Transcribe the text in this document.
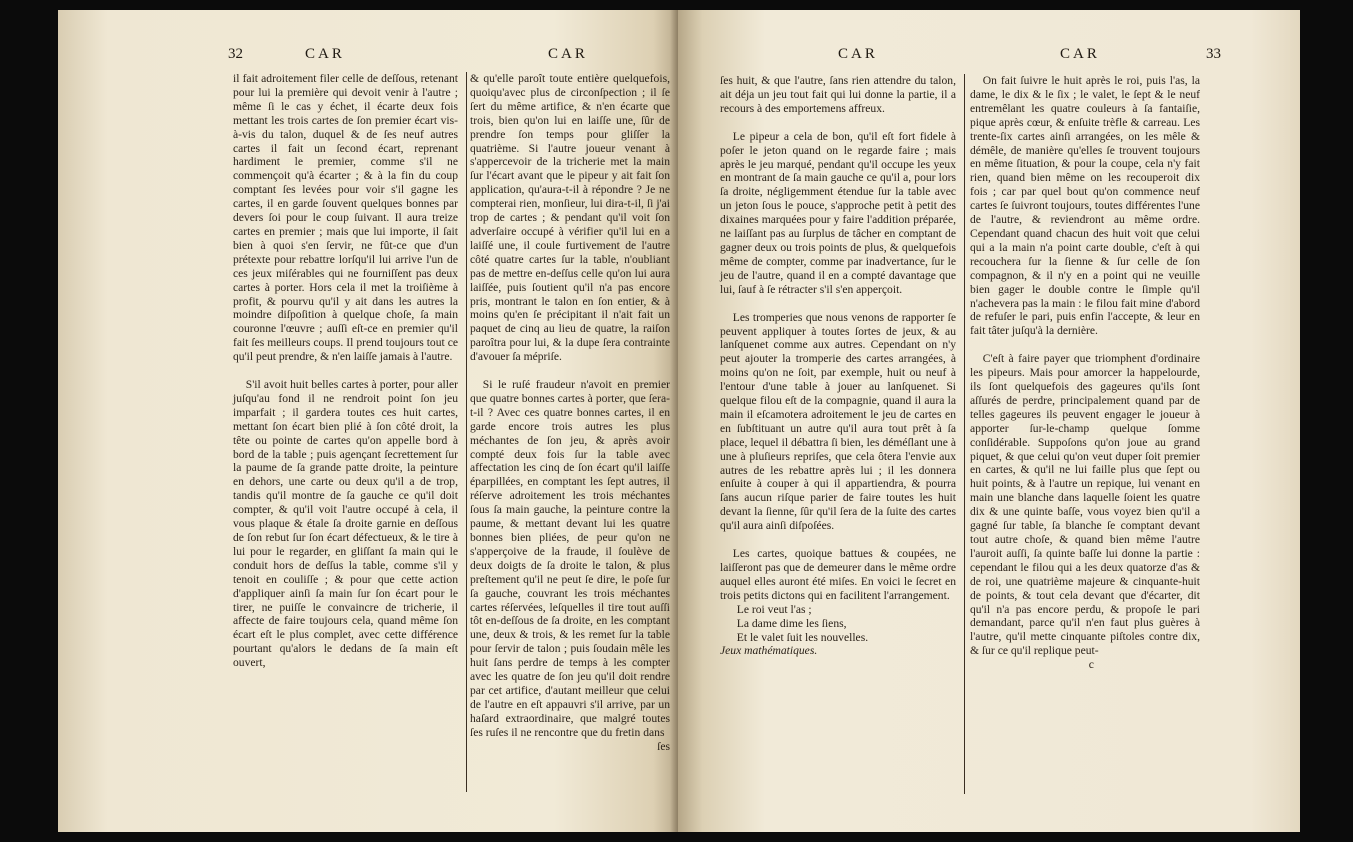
32	CAR	CAR

il fait adroitement filer celle de deſſous, retenant pour lui la première qui devoit venir à l'autre ; même ſi le cas y échet, il écarte deux fois mettant les trois cartes de ſon premier écart vis-à-vis du talon, duquel & de ſes neuf autres cartes il fait un ſecond écart, reprenant hardiment le premier, comme s'il ne commençoit qu'à écarter ; & à la fin du coup comptant ſes levées pour voir s'il gagne les cartes, il en garde ſouvent quelques bonnes par devers ſoi pour le coup ſuivant. Il aura treize cartes en premier ; mais que lui importe, il ſait bien à quoi s'en ſervir, ne fût-ce que d'un prétexte pour rebattre lorſqu'il lui arrive l'un de ces jeux miſérables qui ne fourniſſent pas deux cartes à porter. Hors cela il met la troiſième à profit, & pourvu qu'il y ait dans les autres la moindre diſpoſition à quelque choſe, ſa main couronne l'œuvre ; auſſi eſt-ce en premier qu'il fait ſes meilleurs coups. Il prend toujours tout ce qu'il peut prendre, & n'en laiſſe jamais à l'autre.

S'il avoit huit belles cartes à porter, pour aller juſqu'au fond il ne rendroit point ſon jeu imparfait ; il gardera toutes ces huit cartes, mettant ſon écart bien plié à ſon côté droit, la tête ou pointe de cartes qu'on appelle bord à bord de la table ; puis agençant ſecrettement ſur la paume de ſa grande patte droite, la peinture en dehors, une carte ou deux qu'il a de trop, tandis qu'il montre de ſa gauche ce qu'il doit compter, & qu'il voit l'autre occupé à cela, il vous plaque & étale ſa droite garnie en deſſous de ſon rebut ſur ſon écart défectueux, & le tire à lui pour le regarder, en gliſſant ſa main qui le conduit hors de deſſus la table, comme s'il y tenoit en couliſſe ; & pour que cette action d'appliquer ainſi ſa main ſur ſon écart pour le tirer, ne puiſſe le convaincre de tricherie, il affecte de faire toujours cela, quand même ſon écart eſt le plus complet, avec cette différence pourtant qu'alors le dedans de ſa main eſt ouvert,

& qu'elle paroît toute entière quelquefois, quoiqu'avec plus de circonſpection ; il ſe ſert du même artifice, & n'en écarte que trois, bien qu'on lui en laiſſe une, ſûr de prendre ſon temps pour gliſſer la quatrième. Si l'autre joueur venant à s'appercevoir de la tricherie met la main ſur l'écart avant que le pipeur y ait fait ſon application, qu'aura-t-il à répondre ? Je ne compterai rien, monſieur, lui dira-t-il, ſi j'ai trop de cartes ; & pendant qu'il voit ſon adverſaire occupé à vérifier qu'il lui en a laiſſé une, il coule furtivement de l'autre côté quatre cartes ſur la table, n'oubliant pas de mettre en-deſſus celle qu'on lui aura laiſſée, puis ſoutient qu'il n'a pas encore pris, montrant le talon en ſon entier, & à moins qu'en ſe précipitant il n'ait fait un paquet de cinq au lieu de quatre, la raiſon paroîtra pour lui, & la dupe ſera contrainte d'avouer ſa mépriſe.

Si le ruſé fraudeur n'avoit en premier que quatre bonnes cartes à porter, que ſera-t-il ? Avec ces quatre bonnes cartes, il en garde encore trois autres les plus méchantes de ſon jeu, & après avoir compté deux fois ſur la table avec affectation les cinq de ſon écart qu'il laiſſe éparpillées, en comptant les ſept autres, il réſerve adroitement les trois méchantes ſous ſa main gauche, la peinture contre la paume, & mettant devant lui les quatre bonnes bien pliées, de peur qu'on ne s'apperçoive de la fraude, il ſoulève de deux doigts de ſa droite le talon, & plus preſtement qu'il ne peut ſe dire, le poſe ſur ſa gauche, couvrant les trois méchantes cartes réſervées, leſquelles il tire tout auſſi tôt en-deſſous de ſa droite, en les comptant une, deux & trois, & les remet ſur la table pour ſervir de talon ; puis ſoudain mêle les huit ſans perdre de temps à les compter avec les quatre de ſon jeu qu'il doit rendre par cet artifice, d'autant meilleur que celui de l'autre en eſt appauvri s'il arrive, par un haſard extraordinaire, que malgré toutes ſes ruſes il ne rencontre que du fretin dans

ſes

CAR	CAR	33

ſes huit, & que l'autre, ſans rien attendre du talon, ait déja un jeu tout fait qui lui donne la partie, il a recours à des emportemens affreux.

Le pipeur a cela de bon, qu'il eſt fort fidele à poſer le jeton quand on le regarde faire ; mais après le jeu marqué, pendant qu'il occupe les yeux en montrant de ſa main gauche ce qu'il a, pour lors ſa droite, négligemment étendue ſur la table avec un jeton ſous le pouce, s'approche petit à petit des dixaines marquées pour y faire l'addition préparée, ne laiſſant pas au ſurplus de tâcher en comptant de gagner deux ou trois points de plus, & quelquefois même de compter, comme par inadvertance, ſur le jeu de l'autre, quand il en a compté davantage que lui, ſauf à ſe rétracter s'il s'en apperçoit.

Les tromperies que nous venons de rapporter ſe peuvent appliquer à toutes ſortes de jeux, & au lanſquenet comme aux autres. Cependant on n'y peut ajouter la tromperie des cartes arrangées, à moins qu'on ne ſoit, par exemple, huit ou neuf à l'entour d'une table à jouer au lanſquenet. Si quelque filou eſt de la compagnie, quand il aura la main il eſcamotera adroitement le jeu de cartes en en ſubſtituant un autre qu'il aura tout prêt à ſa place, lequel il débattra ſi bien, les déméſlant une à une à pluſieurs repriſes, que cela ôtera l'envie aux autres de les rebattre après lui ; il les donnera enſuite à couper à qui il appartiendra, & pourra ſans aucun riſque parier de faire toutes les huit devant la ſienne, ſûr qu'il ſera de la ſuite des cartes qu'il aura ainſi diſpoſées.

Les cartes, quoique battues & coupées, ne laiſſeront pas que de demeurer dans le même ordre auquel elles auront été miſes. En voici le ſecret en trois petits dictons qui en facilitent l'arrangement.

Le roi veut l'as ;

La dame dime les ſiens,

Et le valet ſuit les nouvelles.

Jeux mathématiques.

On fait ſuivre le huit après le roi, puis l'as, la dame, le dix & le ſix ; le valet, le ſept & le neuf entremêlant les quatre couleurs à ſa fantaiſie, pique après cœur, & enſuite trèfle & carreau. Les trente-ſix cartes ainſi arrangées, on les mêle & démêle, de manière qu'elles ſe trouvent toujours en même ſituation, & pour la coupe, cela n'y fait rien, quand bien même on les recouperoit dix fois ; car par quel bout qu'on commence neuf cartes ſe ſuivront toujours, toutes différentes l'une de l'autre, & reviendront au même ordre. Cependant quand chacun des huit voit que celui qui a la main n'a point carte double, c'eſt à qui recouchera ſur la ſienne & ſur celle de ſon compagnon, & il n'y en a point qui ne veuille bien gager le double contre le ſimple qu'il n'achevera pas la main : le filou fait mine d'abord de refuſer le pari, puis enfin l'accepte, & leur en fait tâter juſqu'à la dernière.

C'eſt à faire payer que triomphent d'ordinaire les pipeurs. Mais pour amorcer la happelourde, ils ſont quelquefois des gageures qu'ils ſont aſſurés de perdre, principalement quand par de telles gageures ils peuvent engager le joueur à apporter ſur-le-champ quelque ſomme conſidérable. Suppoſons qu'on joue au grand piquet, & que celui qu'on veut duper ſoit premier en cartes, & qu'il ne lui faille plus que ſept ou huit points, & à l'autre un repique, lui venant en main une blanche dans laquelle ſoient les quatre dix & une quinte baſſe, vous voyez bien qu'il a gagné ſur table, ſa blanche ſe comptant devant tout autre choſe, & quand bien même l'autre l'auroit auſſi, ſa quinte baſſe lui donne la partie : cependant le filou qui a les deux quatorze d'as & de roi, une quatrième majeure & cinquante-huit de points, & tout cela devant que d'écarter, dit qu'il n'a pas encore perdu, & propoſe le pari demandant, parce qu'il n'en faut plus guères à l'autre, qu'il mette cinquante piſtoles contre dix, & ſur ce qu'il replique peut-

c
